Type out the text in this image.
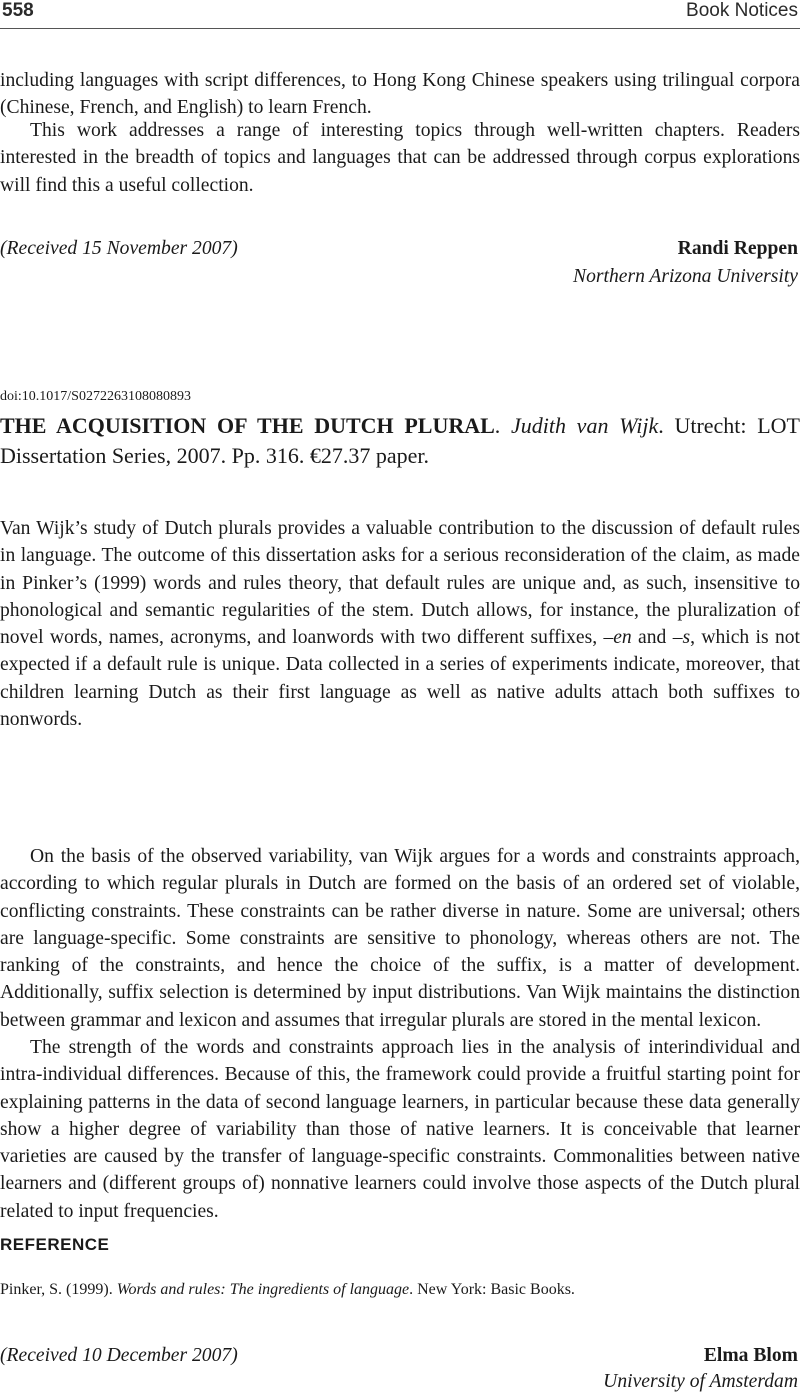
558	Book Notices

including languages with script differences, to Hong Kong Chinese speakers using trilingual corpora (Chinese, French, and English) to learn French.

This work addresses a range of interesting topics through well-written chapters. Readers interested in the breadth of topics and languages that can be addressed through corpus explorations will find this a useful collection.

(Received 15 November 2007)	Randi Reppen
Northern Arizona University
doi:10.1017/S0272263108080893

THE ACQUISITION OF THE DUTCH PLURAL. Judith van Wijk. Utrecht: LOT Dissertation Series, 2007. Pp. 316. €27.37 paper.

Van Wijk’s study of Dutch plurals provides a valuable contribution to the discussion of default rules in language. The outcome of this dissertation asks for a serious reconsideration of the claim, as made in Pinker’s (1999) words and rules theory, that default rules are unique and, as such, insensitive to phonological and semantic regularities of the stem. Dutch allows, for instance, the pluralization of novel words, names, acronyms, and loanwords with two different suffixes, –en and –s, which is not expected if a default rule is unique. Data collected in a series of experiments indicate, moreover, that children learning Dutch as their first language as well as native adults attach both suffixes to nonwords.

On the basis of the observed variability, van Wijk argues for a words and constraints approach, according to which regular plurals in Dutch are formed on the basis of an ordered set of violable, conflicting constraints. These constraints can be rather diverse in nature. Some are universal; others are language-specific. Some constraints are sensitive to phonology, whereas others are not. The ranking of the constraints, and hence the choice of the suffix, is a matter of development. Additionally, suffix selection is determined by input distributions. Van Wijk maintains the distinction between grammar and lexicon and assumes that irregular plurals are stored in the mental lexicon.

The strength of the words and constraints approach lies in the analysis of interindividual and intra-individual differences. Because of this, the framework could provide a fruitful starting point for explaining patterns in the data of second language learners, in particular because these data generally show a higher degree of variability than those of native learners. It is conceivable that learner varieties are caused by the transfer of language-specific constraints. Commonalities between native learners and (different groups of) nonnative learners could involve those aspects of the Dutch plural related to input frequencies.

REFERENCE
Pinker, S. (1999). Words and rules: The ingredients of language. New York: Basic Books.
(Received 10 December 2007)	Elma Blom
University of Amsterdam
